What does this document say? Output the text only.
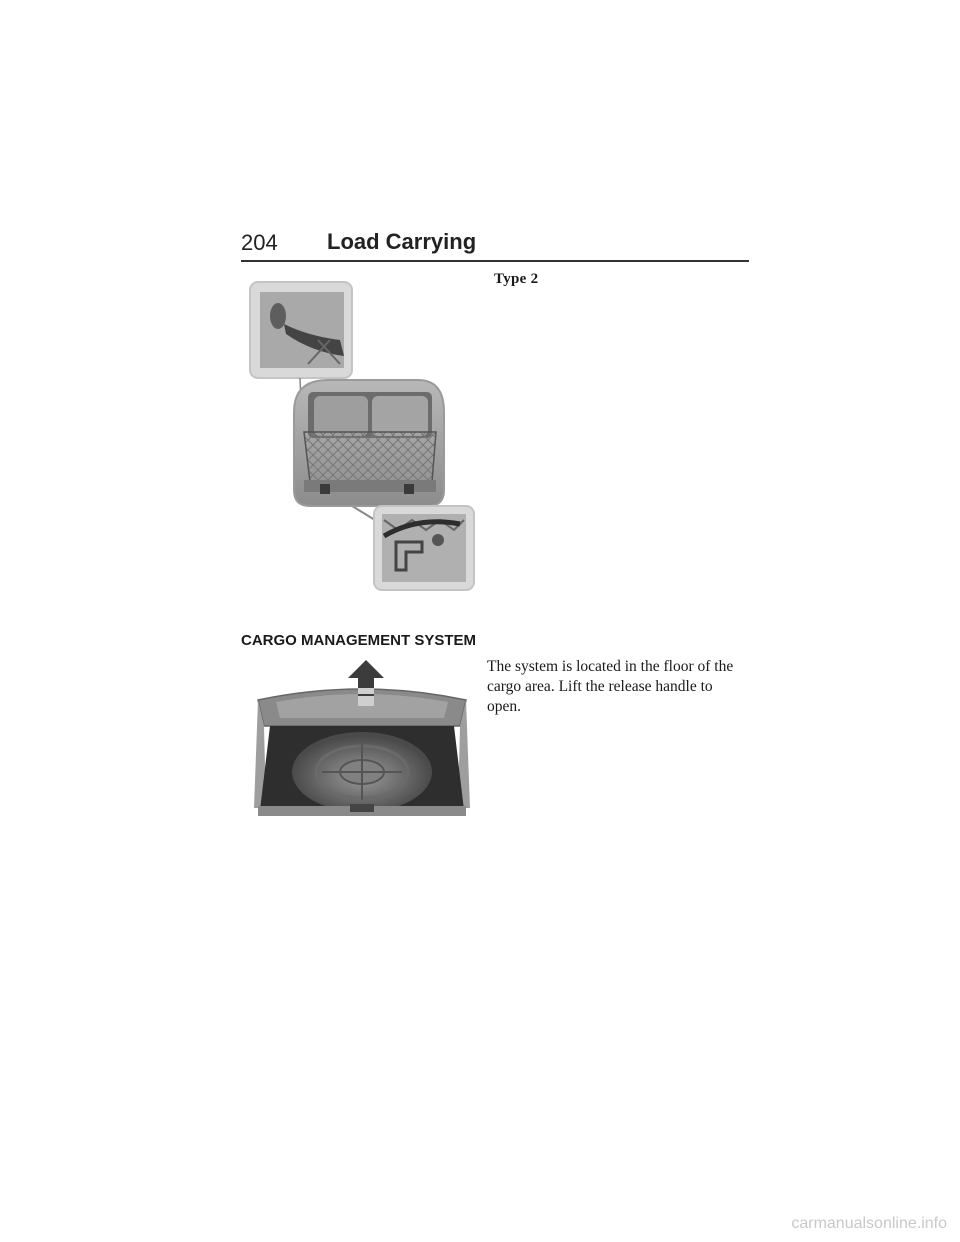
204 Load Carrying
Type 2
CARGO MANAGEMENT SYSTEM
The system is located in the floor of the cargo area. Lift the release handle to open.
carmanualsonline.info
